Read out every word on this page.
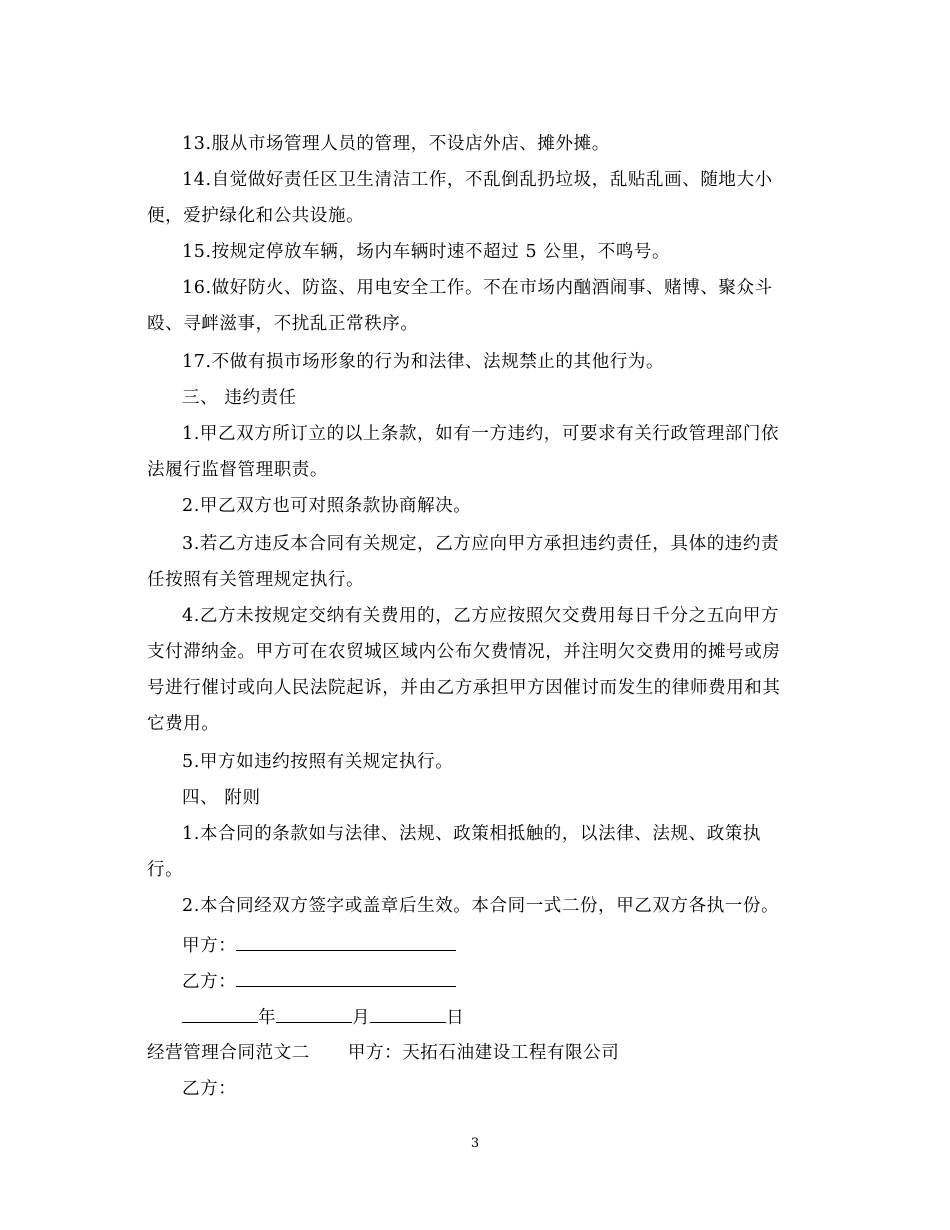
13.服从市场管理人员的管理，不设店外店、摊外摊。
14.自觉做好责任区卫生清洁工作，不乱倒乱扔垃圾，乱贴乱画、随地大小
便，爱护绿化和公共设施。
15.按规定停放车辆，场内车辆时速不超过 5 公里，不鸣号。
16.做好防火、防盗、用电安全工作。不在市场内酗酒闹事、赌博、聚众斗
殴、寻衅滋事，不扰乱正常秩序。
17.不做有损市场形象的行为和法律、法规禁止的其他行为。
三、 违约责任
1.甲乙双方所订立的以上条款，如有一方违约，可要求有关行政管理部门依
法履行监督管理职责。
2.甲乙双方也可对照条款协商解决。
3.若乙方违反本合同有关规定，乙方应向甲方承担违约责任，具体的违约责
任按照有关管理规定执行。
4.乙方未按规定交纳有关费用的，乙方应按照欠交费用每日千分之五向甲方
支付滞纳金。甲方可在农贸城区域内公布欠费情况，并注明欠交费用的摊号或房
号进行催讨或向人民法院起诉，并由乙方承担甲方因催讨而发生的律师费用和其
它费用。
5.甲方如违约按照有关规定执行。
四、 附则
1.本合同的条款如与法律、法规、政策相抵触的，以法律、法规、政策执
行。
2.本合同经双方签字或盖章后生效。本合同一式二份，甲乙双方各执一份。
甲方：
乙方：
年	月	日
经营管理合同范文二 甲方：天拓石油建设工程有限公司
乙方：
3
